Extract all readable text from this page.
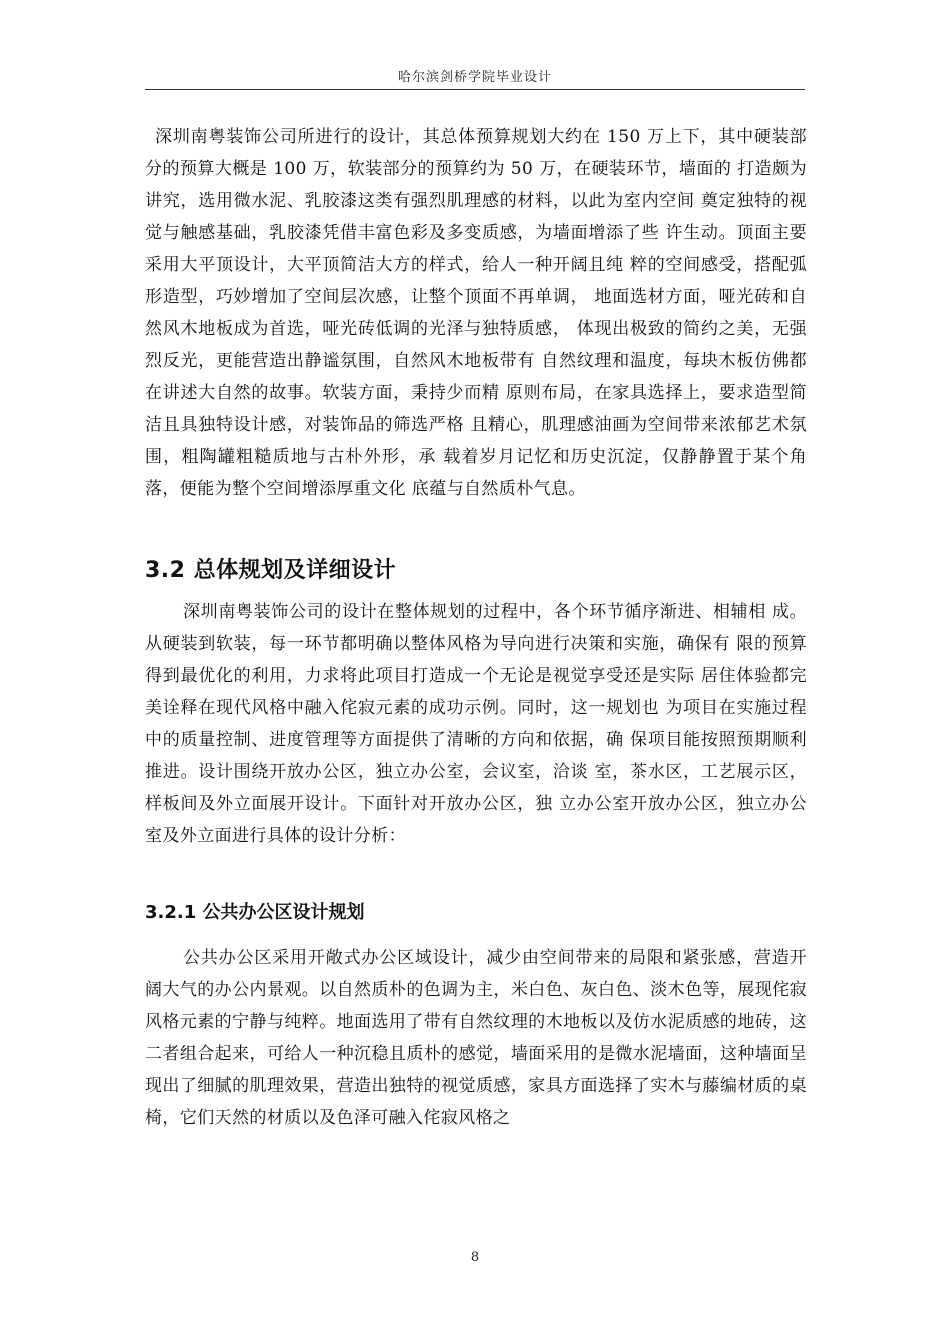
哈尔滨剑桥学院毕业设计

深圳南粤装饰公司所进行的设计，其总体预算规划大约在 150 万上下，其中硬装部分的预算大概是 100 万，软装部分的预算约为 50 万，在硬装环节，墙面的 打造颇为讲究，选用微水泥、乳胶漆这类有强烈肌理感的材料，以此为室内空间 奠定独特的视觉与触感基础，乳胶漆凭借丰富色彩及多变质感，为墙面增添了些 许生动。顶面主要采用大平顶设计，大平顶简洁大方的样式，给人一种开阔且纯 粹的空间感受，搭配弧形造型，巧妙增加了空间层次感，让整个顶面不再单调， 地面选材方面，哑光砖和自然风木地板成为首选，哑光砖低调的光泽与独特质感， 体现出极致的简约之美，无强烈反光，更能营造出静谧氛围，自然风木地板带有 自然纹理和温度，每块木板仿佛都在讲述大自然的故事。软装方面，秉持少而精 原则布局，在家具选择上，要求造型简洁且具独特设计感，对装饰品的筛选严格 且精心，肌理感油画为空间带来浓郁艺术氛围，粗陶罐粗糙质地与古朴外形，承 载着岁月记忆和历史沉淀，仅静静置于某个角落，便能为整个空间增添厚重文化 底蕴与自然质朴气息。

3.2 总体规划及详细设计

深圳南粤装饰公司的设计在整体规划的过程中，各个环节循序渐进、相辅相 成。从硬装到软装，每一环节都明确以整体风格为导向进行决策和实施，确保有 限的预算得到最优化的利用，力求将此项目打造成一个无论是视觉享受还是实际 居住体验都完美诠释在现代风格中融入侘寂元素的成功示例。同时，这一规划也 为项目在实施过程中的质量控制、进度管理等方面提供了清晰的方向和依据，确 保项目能按照预期顺利推进。设计围绕开放办公区，独立办公室，会议室，洽谈 室，茶水区，工艺展示区，样板间及外立面展开设计。下面针对开放办公区，独 立办公室开放办公区，独立办公室及外立面进行具体的设计分析：

3.2.1 公共办公区设计规划

公共办公区采用开敞式办公区域设计，减少由空间带来的局限和紧张感，营造开阔大气的办公内景观。以自然质朴的色调为主，米白色、灰白色、淡木色等，展现侘寂风格元素的宁静与纯粹。地面选用了带有自然纹理的木地板以及仿水泥质感的地砖，这二者组合起来，可给人一种沉稳且质朴的感觉，墙面采用的是微水泥墙面，这种墙面呈现出了细腻的肌理效果，营造出独特的视觉质感，家具方面选择了实木与藤编材质的桌椅，它们天然的材质以及色泽可融入侘寂风格之

8
